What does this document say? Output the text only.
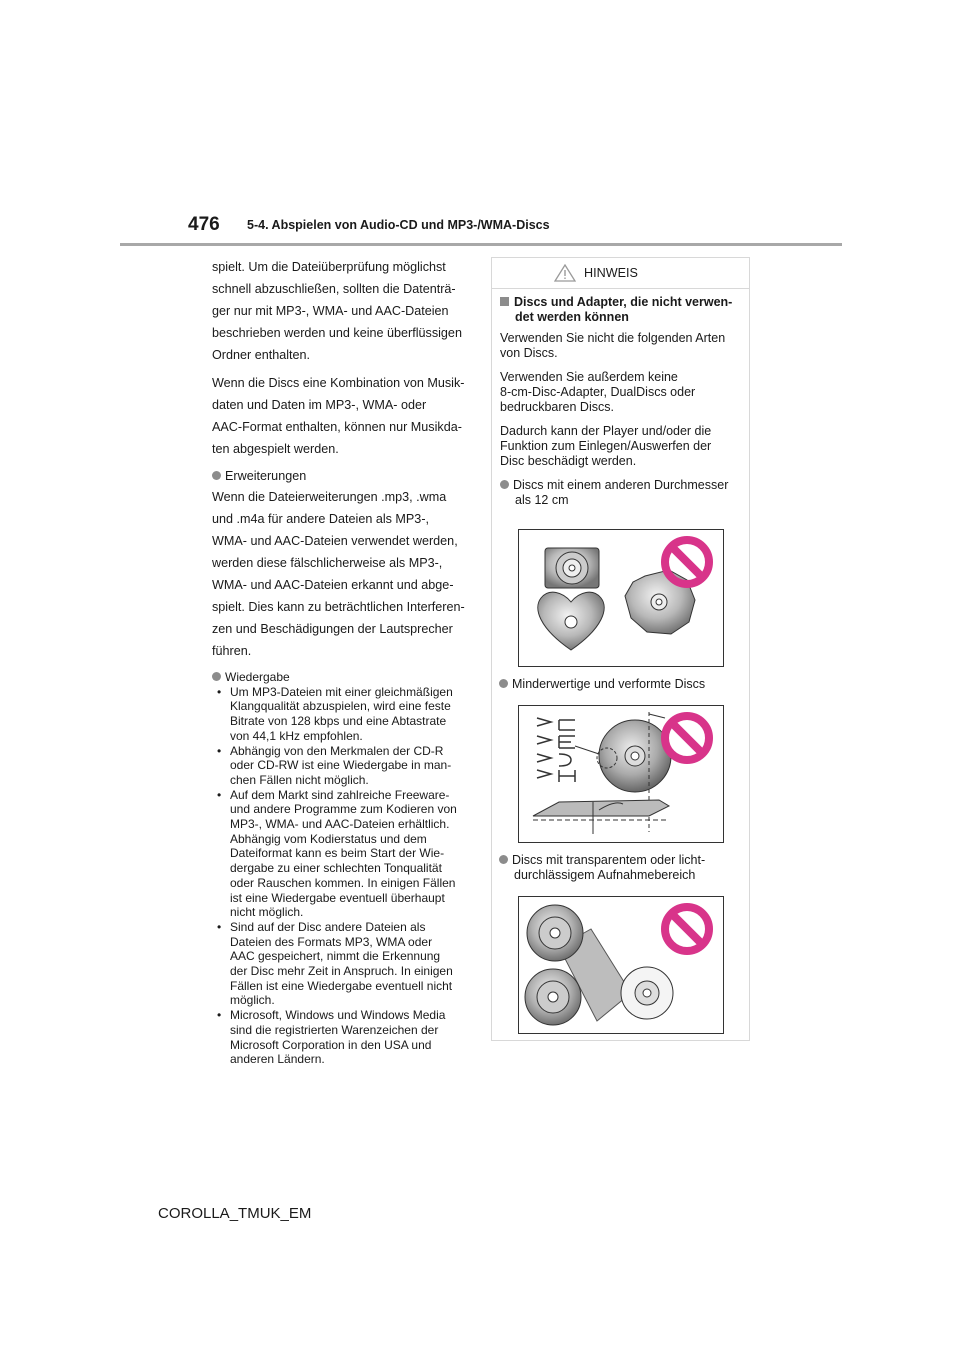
476 5-4. Abspielen von Audio-CD und MP3-/WMA-Discs

spielt. Um die Dateiüberprüfung möglichst
schnell abzuschließen, sollten die Datenträ-
ger nur mit MP3-, WMA- und AAC-Dateien
beschrieben werden und keine überflüssigen
Ordner enthalten.

Wenn die Discs eine Kombination von Musik-
daten und Daten im MP3-, WMA- oder
AAC-Format enthalten, können nur Musikda-
ten abgespielt werden.

Erweiterungen

Wenn die Dateierweiterungen .mp3, .wma
und .m4a für andere Dateien als MP3-,
WMA- und AAC-Dateien verwendet werden,
werden diese fälschlicherweise als MP3-,
WMA- und AAC-Dateien erkannt und abge-
spielt. Dies kann zu beträchtlichen Interferen-
zen und Beschädigungen der Lautsprecher
führen.

Wiedergabe
• Um MP3-Dateien mit einer gleichmäßigen
Klangqualität abzuspielen, wird eine feste
Bitrate von 128 kbps und eine Abtastrate
von 44,1 kHz empfohlen.
• Abhängig von den Merkmalen der CD-R
oder CD-RW ist eine Wiedergabe in man-
chen Fällen nicht möglich.
• Auf dem Markt sind zahlreiche Freeware-
und andere Programme zum Kodieren von
MP3-, WMA- und AAC-Dateien erhältlich.
Abhängig vom Kodierstatus und dem
Dateiformat kann es beim Start der Wie-
dergabe zu einer schlechten Tonqualität
oder Rauschen kommen. In einigen Fällen
ist eine Wiedergabe eventuell überhaupt
nicht möglich.
• Sind auf der Disc andere Dateien als
Dateien des Formats MP3, WMA oder
AAC gespeichert, nimmt die Erkennung
der Disc mehr Zeit in Anspruch. In einigen
Fällen ist eine Wiedergabe eventuell nicht
möglich.
• Microsoft, Windows und Windows Media
sind die registrierten Warenzeichen der
Microsoft Corporation in den USA und
anderen Ländern.
HINWEIS
Discs und Adapter, die nicht verwen-
det werden können

Verwenden Sie nicht die folgenden Arten
von Discs.

Verwenden Sie außerdem keine
8-cm-Disc-Adapter, DualDiscs oder
bedruckbaren Discs.

Dadurch kann der Player und/oder die
Funktion zum Einlegen/Auswerfen der
Disc beschädigt werden.

Discs mit einem anderen Durchmesser
als 12 cm
Minderwertige und verformte Discs
Discs mit transparentem oder licht-
durchlässigem Aufnahmebereich
COROLLA_TMUK_EM
